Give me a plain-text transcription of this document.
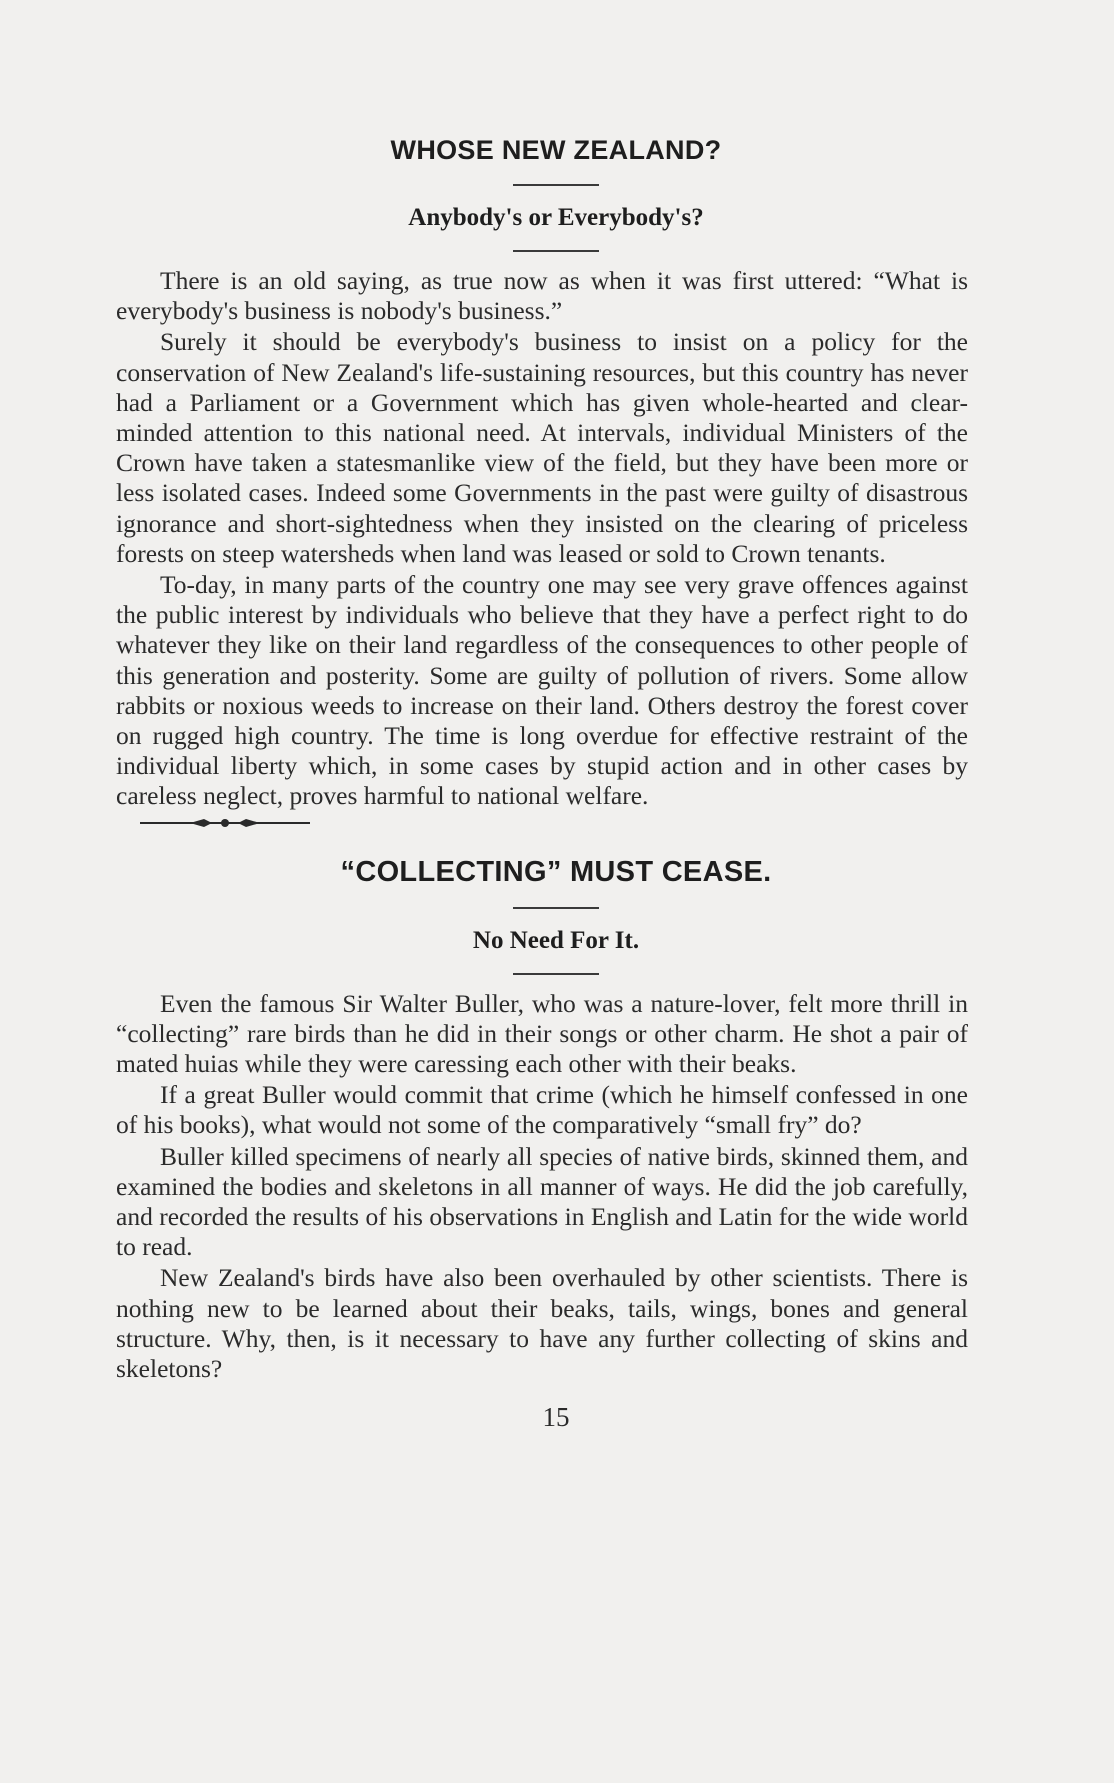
WHOSE NEW ZEALAND?
Anybody's or Everybody's?

There is an old saying, as true now as when it was first uttered: “What is everybody's business is nobody's business.”

Surely it should be everybody's business to insist on a policy for the conservation of New Zealand's life-sustaining resources, but this country has never had a Parliament or a Government which has given whole-hearted and clear-minded attention to this national need. At intervals, individual Ministers of the Crown have taken a statesmanlike view of the field, but they have been more or less isolated cases. Indeed some Governments in the past were guilty of disastrous ignorance and short-sightedness when they insisted on the clearing of priceless forests on steep watersheds when land was leased or sold to Crown tenants.

To-day, in many parts of the country one may see very grave offences against the public interest by individuals who believe that they have a perfect right to do whatever they like on their land regardless of the consequences to other people of this generation and posterity. Some are guilty of pollution of rivers. Some allow rabbits or noxious weeds to increase on their land. Others destroy the forest cover on rugged high country. The time is long overdue for effective restraint of the individual liberty which, in some cases by stupid action and in other cases by careless neglect, proves harmful to national welfare.

“COLLECTING” MUST CEASE.
No Need For It.

Even the famous Sir Walter Buller, who was a nature-lover, felt more thrill in “collecting” rare birds than he did in their songs or other charm. He shot a pair of mated huias while they were caressing each other with their beaks.

If a great Buller would commit that crime (which he himself confessed in one of his books), what would not some of the comparatively “small fry” do?

Buller killed specimens of nearly all species of native birds, skinned them, and examined the bodies and skeletons in all manner of ways. He did the job carefully, and recorded the results of his observations in English and Latin for the wide world to read.

New Zealand's birds have also been overhauled by other scientists. There is nothing new to be learned about their beaks, tails, wings, bones and general structure. Why, then, is it necessary to have any further collecting of skins and skeletons?

15
